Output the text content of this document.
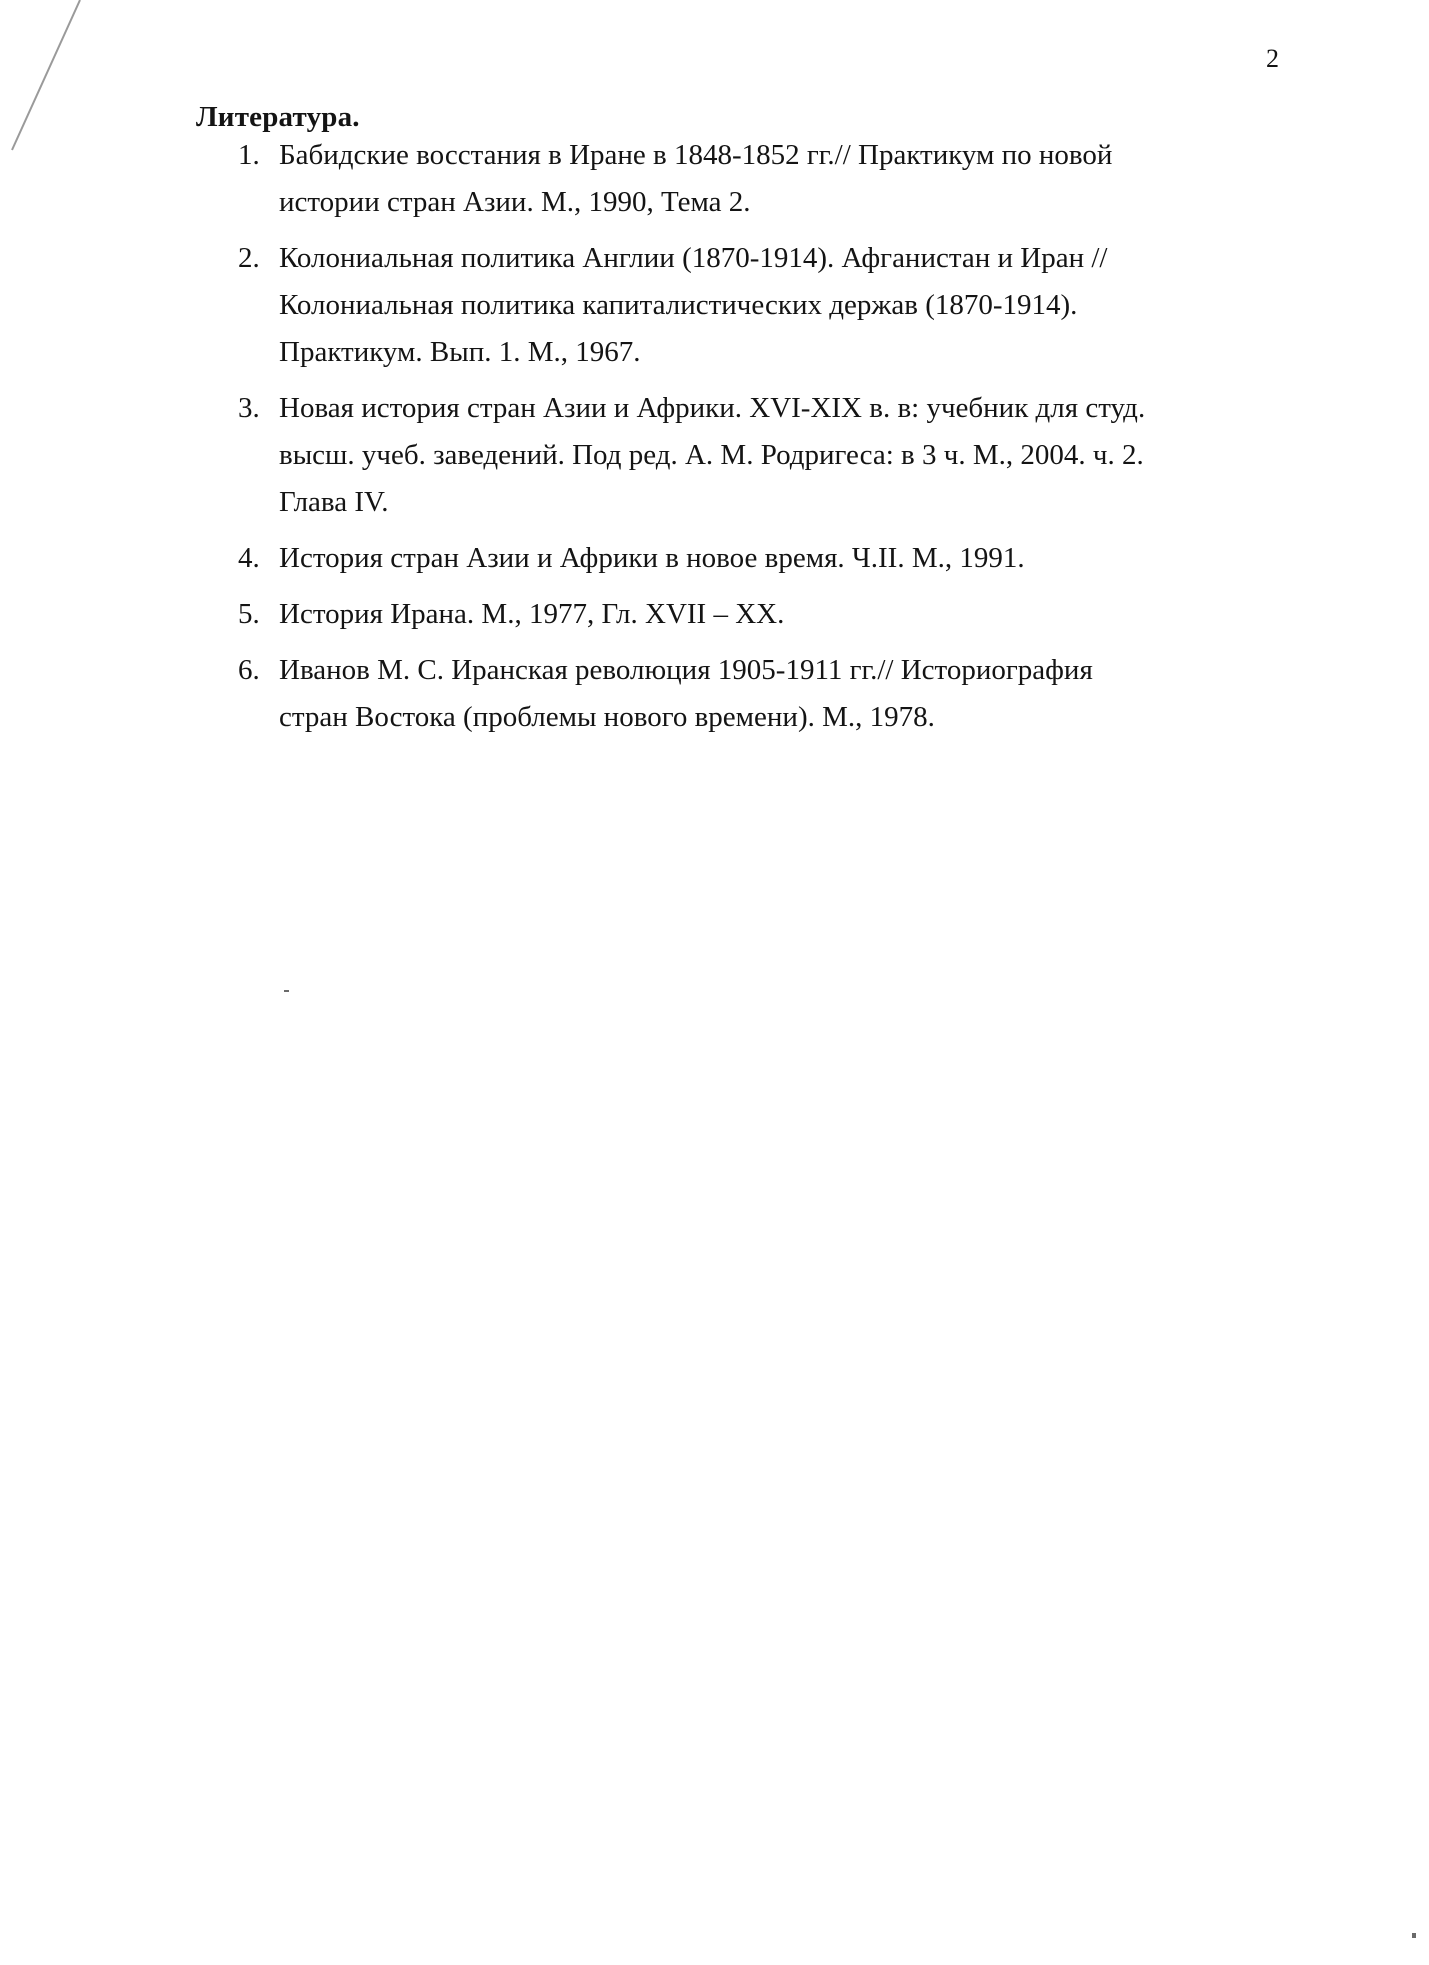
2
Литература.
1. Бабидские восстания в Иране в 1848-1852 гг.// Практикум по новой
истории стран Азии. М., 1990, Тема 2.
2. Колониальная политика Англии (1870-1914). Афганистан и Иран //
Колониальная политика капиталистических держав (1870-1914).
Практикум. Вып. 1. М., 1967.
3. Новая история стран Азии и Африки. XVI-XIX в. в: учебник для студ.
высш. учеб. заведений. Под ред. А. М. Родригеса: в 3 ч. М., 2004. ч. 2.
Глава IV.
4. История стран Азии и Африки в новое время. Ч.II. М., 1991.
5. История Ирана. М., 1977, Гл. XVII – XX.
6. Иванов М. С. Иранская революция 1905-1911 гг.// Историография
стран Востока (проблемы нового времени). М., 1978.
